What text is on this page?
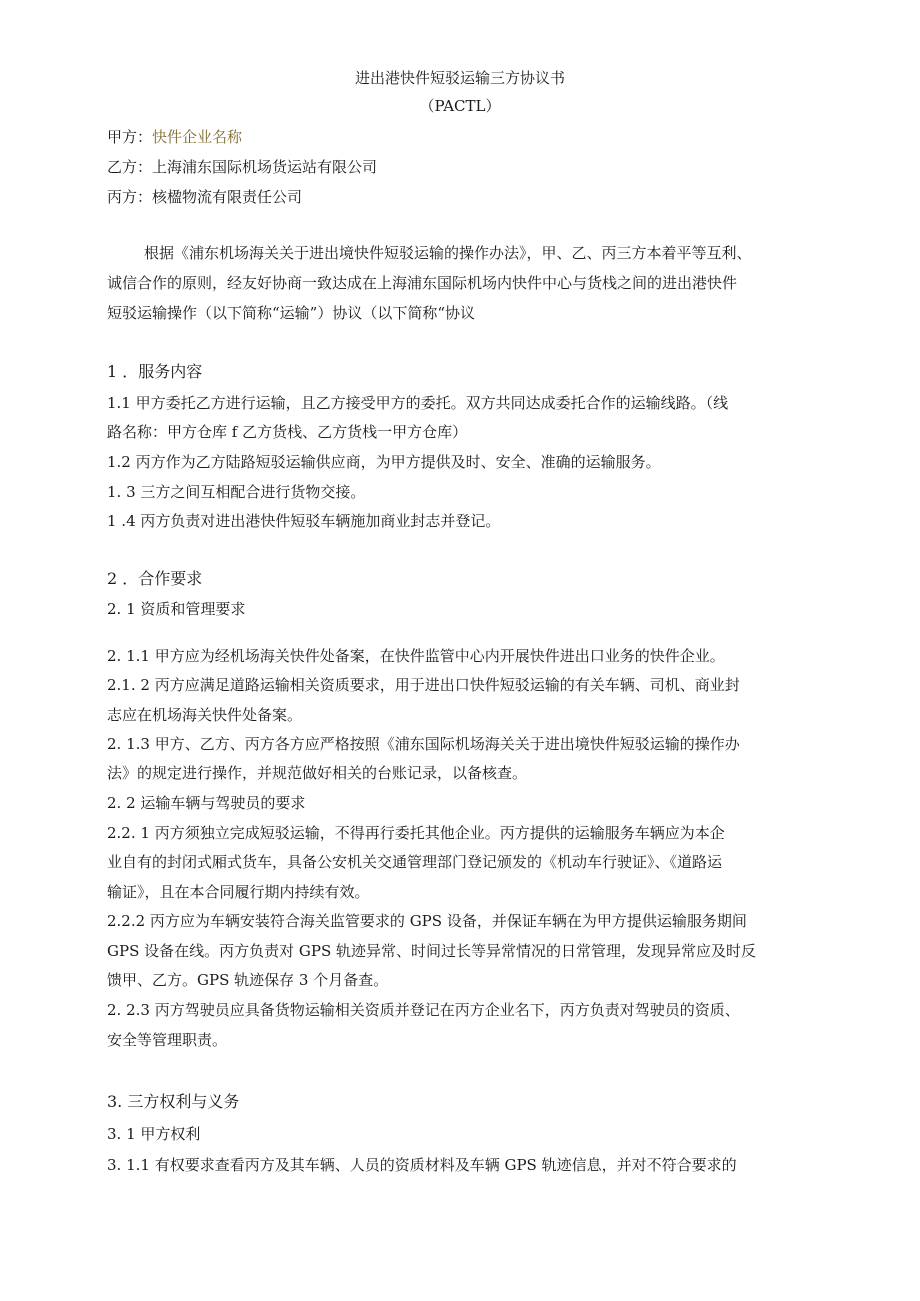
进出港快件短驳运输三方协议书
（PACTL）
甲方：快件企业名称
乙方：上海浦东国际机场货运站有限公司
丙方：核楹物流有限责任公司
根据《浦东机场海关关于进出境快件短驳运输的操作办法》，甲、乙、丙三方本着平等互利、
诚信合作的原则，经友好协商一致达成在上海浦东国际机场内快件中心与货栈之间的进出港快件
短驳运输操作（以下简称“运输”）协议（以下简称“协议
1 ．服务内容
1.1 甲方委托乙方进行运输，且乙方接受甲方的委托。双方共同达成委托合作的运输线路。（线
路名称：甲方仓库 f 乙方货栈、乙方货栈一甲方仓库）
1.2 丙方作为乙方陆路短驳运输供应商，为甲方提供及时、安全、准确的运输服务。
1. 3 三方之间互相配合进行货物交接。
1 .4 丙方负责对进出港快件短驳车辆施加商业封志并登记。
2 ．合作要求
2. 1 资质和管理要求
2. 1.1 甲方应为经机场海关快件处备案，在快件监管中心内开展快件进出口业务的快件企业。
2.1. 2 丙方应满足道路运输相关资质要求，用于进出口快件短驳运输的有关车辆、司机、商业封
志应在机场海关快件处备案。
2. 1.3 甲方、乙方、丙方各方应严格按照《浦东国际机场海关关于进出境快件短驳运输的操作办
法》的规定进行操作，并规范做好相关的台账记录，以备核查。
2. 2 运输车辆与驾驶员的要求
2.2. 1 丙方须独立完成短驳运输，不得再行委托其他企业。丙方提供的运输服务车辆应为本企
业自有的封闭式厢式货车，具备公安机关交通管理部门登记颁发的《机动车行驶证》、《道路运
输证》，且在本合同履行期内持续有效。
2.2.2 丙方应为车辆安装符合海关监管要求的 GPS 设备，并保证车辆在为甲方提供运输服务期间
GPS 设备在线。丙方负责对 GPS 轨迹异常、时间过长等异常情况的日常管理，发现异常应及时反
馈甲、乙方。GPS 轨迹保存 3 个月备查。
2. 2.3 丙方驾驶员应具备货物运输相关资质并登记在丙方企业名下，丙方负责对驾驶员的资质、
安全等管理职责。
3. 三方权利与义务
3. 1 甲方权利
3. 1.1 有权要求查看丙方及其车辆、人员的资质材料及车辆 GPS 轨迹信息，并对不符合要求的
